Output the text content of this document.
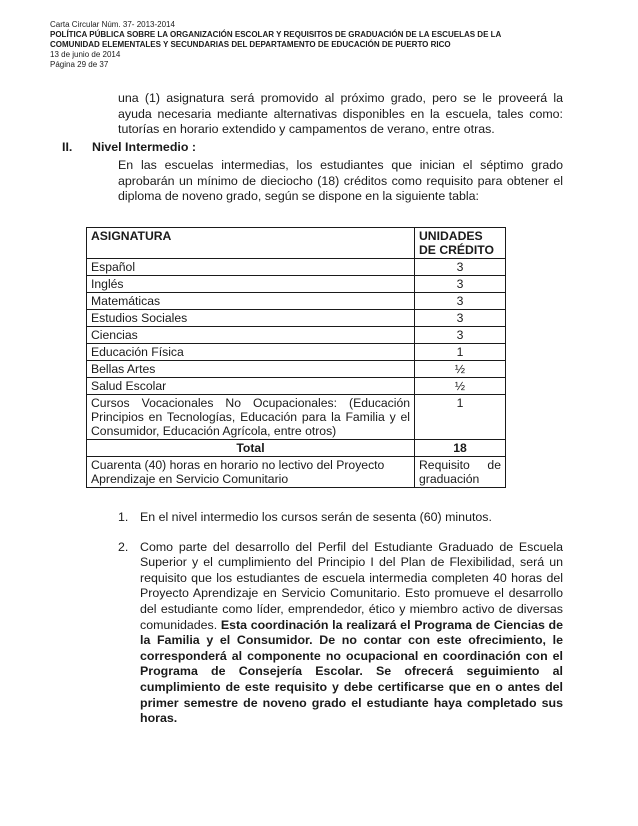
Carta Circular Núm. 37- 2013-2014
POLÍTICA PÚBLICA SOBRE LA ORGANIZACIÓN ESCOLAR Y REQUISITOS DE GRADUACIÓN DE LA ESCUELAS DE LA
COMUNIDAD ELEMENTALES Y SECUNDARIAS DEL DEPARTAMENTO DE EDUCACIÓN DE PUERTO RICO
13 de junio de 2014
Página 29 de 37
una (1) asignatura será promovido al próximo grado, pero se le proveerá la ayuda necesaria mediante alternativas disponibles en la escuela, tales como: tutorías en horario extendido y campamentos de verano, entre otras.
II. Nivel Intermedio :
En las escuelas intermedias, los estudiantes que inician el séptimo grado aprobarán un mínimo de dieciocho (18) créditos como requisito para obtener el diploma de noveno grado, según se dispone en la siguiente tabla:
ASIGNATURA	UNIDADES DE CRÉDITO
Español	3
Inglés	3
Matemáticas	3
Estudios Sociales	3
Ciencias	3
Educación Física	1
Bellas Artes	½
Salud Escolar	½
Cursos Vocacionales No Ocupacionales: (Educación Principios en Tecnologías, Educación para la Familia y el Consumidor, Educación Agrícola, entre otros)	1
Total	18
Cuarenta (40) horas en horario no lectivo del Proyecto Aprendizaje en Servicio Comunitario	Requisito de graduación
1. En el nivel intermedio los cursos serán de sesenta (60) minutos.
2. Como parte del desarrollo del Perfil del Estudiante Graduado de Escuela Superior y el cumplimiento del Principio I del Plan de Flexibilidad, será un requisito que los estudiantes de escuela intermedia completen 40 horas del Proyecto Aprendizaje en Servicio Comunitario. Esto promueve el desarrollo del estudiante como líder, emprendedor, ético y miembro activo de diversas comunidades. Esta coordinación la realizará el Programa de Ciencias de la Familia y el Consumidor. De no contar con este ofrecimiento, le corresponderá al componente no ocupacional en coordinación con el Programa de Consejería Escolar. Se ofrecerá seguimiento al cumplimiento de este requisito y debe certificarse que en o antes del primer semestre de noveno grado el estudiante haya completado sus horas.
